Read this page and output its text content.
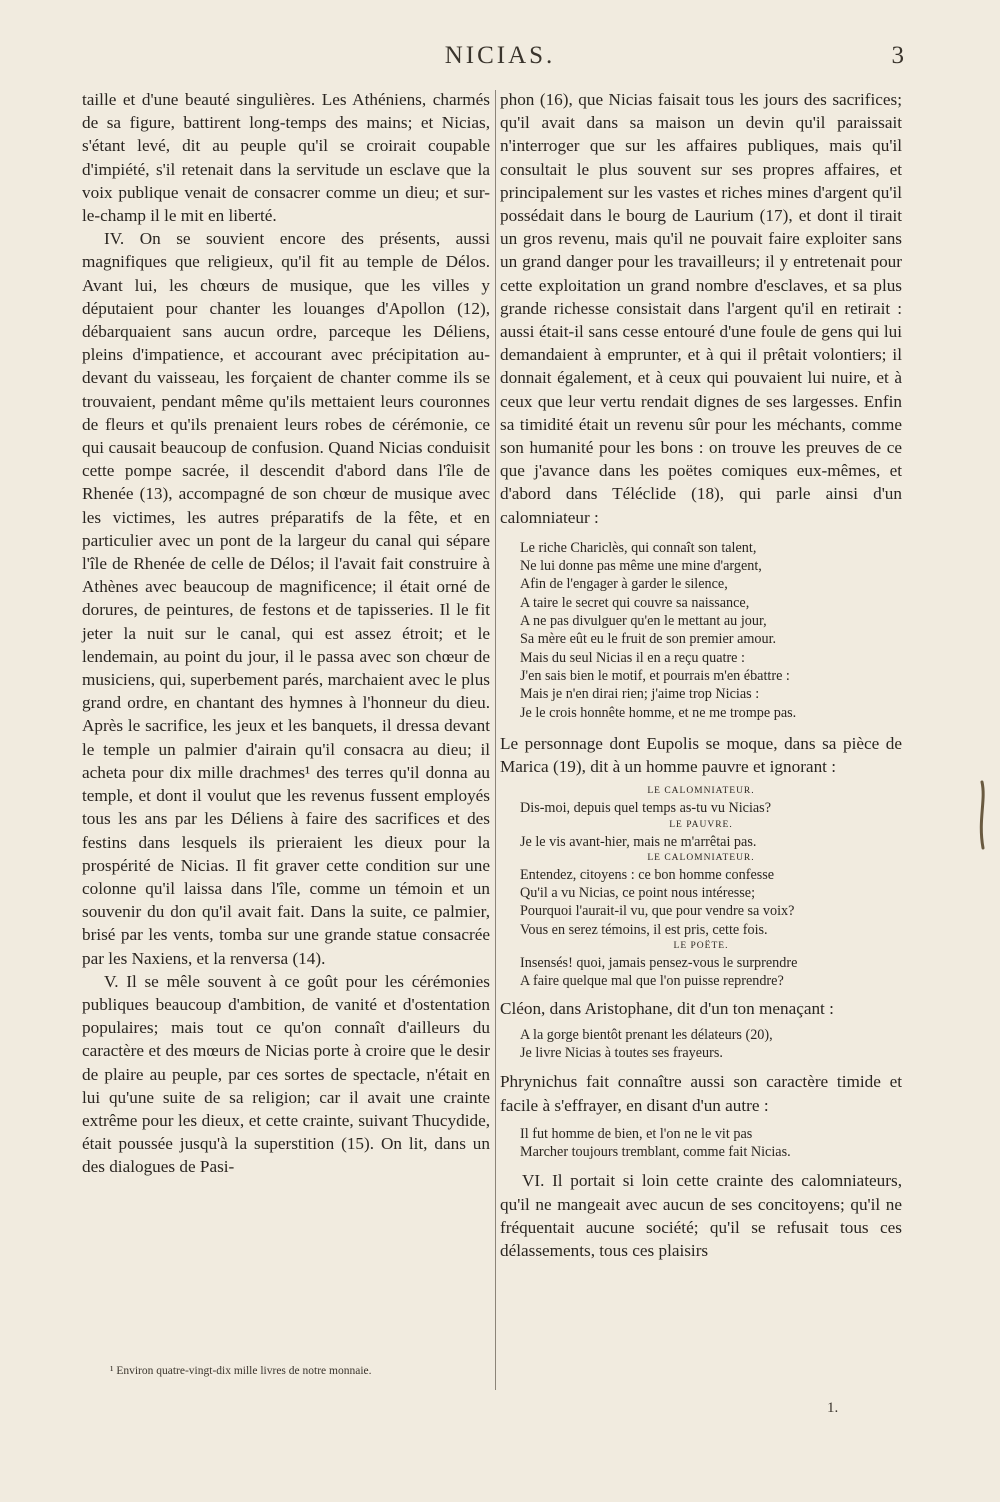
NICIAS.	3

taille et d'une beauté singulières. Les Athéniens, charmés de sa figure, battirent long-temps des mains; et Nicias, s'étant levé, dit au peuple qu'il se croirait coupable d'impiété, s'il retenait dans la servitude un esclave que la voix publique venait de consacrer comme un dieu; et sur-le-champ il le mit en liberté.

IV. On se souvient encore des présents, aussi magnifiques que religieux, qu'il fit au temple de Délos. Avant lui, les chœurs de musique, que les villes y députaient pour chanter les louanges d'Apollon (12), débarquaient sans aucun ordre, parceque les Déliens, pleins d'impatience, et accourant avec précipitation au-devant du vaisseau, les forçaient de chanter comme ils se trouvaient, pendant même qu'ils mettaient leurs couronnes de fleurs et qu'ils prenaient leurs robes de cérémonie, ce qui causait beaucoup de confusion. Quand Nicias conduisit cette pompe sacrée, il descendit d'abord dans l'île de Rhenée (13), accompagné de son chœur de musique avec les victimes, les autres préparatifs de la fête, et en particulier avec un pont de la largeur du canal qui sépare l'île de Rhenée de celle de Délos; il l'avait fait construire à Athènes avec beaucoup de magnificence; il était orné de dorures, de peintures, de festons et de tapisseries. Il le fit jeter la nuit sur le canal, qui est assez étroit; et le lendemain, au point du jour, il le passa avec son chœur de musiciens, qui, superbement parés, marchaient avec le plus grand ordre, en chantant des hymnes à l'honneur du dieu. Après le sacrifice, les jeux et les banquets, il dressa devant le temple un palmier d'airain qu'il consacra au dieu; il acheta pour dix mille drachmes¹ des terres qu'il donna au temple, et dont il voulut que les revenus fussent employés tous les ans par les Déliens à faire des sacrifices et des festins dans lesquels ils prieraient les dieux pour la prospérité de Nicias. Il fit graver cette condition sur une colonne qu'il laissa dans l'île, comme un témoin et un souvenir du don qu'il avait fait. Dans la suite, ce palmier, brisé par les vents, tomba sur une grande statue consacrée par les Naxiens, et la renversa (14).

V. Il se mêle souvent à ce goût pour les cérémonies publiques beaucoup d'ambition, de vanité et d'ostentation populaires; mais tout ce qu'on connaît d'ailleurs du caractère et des mœurs de Nicias porte à croire que le desir de plaire au peuple, par ces sortes de spectacle, n'était en lui qu'une suite de sa religion; car il avait une crainte extrême pour les dieux, et cette crainte, suivant Thucydide, était poussée jusqu'à la superstition (15). On lit, dans un des dialogues de Pasi-

phon (16), que Nicias faisait tous les jours des sacrifices; qu'il avait dans sa maison un devin qu'il paraissait n'interroger que sur les affaires publiques, mais qu'il consultait le plus souvent sur ses propres affaires, et principalement sur les vastes et riches mines d'argent qu'il possédait dans le bourg de Laurium (17), et dont il tirait un gros revenu, mais qu'il ne pouvait faire exploiter sans un grand danger pour les travailleurs; il y entretenait pour cette exploitation un grand nombre d'esclaves, et sa plus grande richesse consistait dans l'argent qu'il en retirait : aussi était-il sans cesse entouré d'une foule de gens qui lui demandaient à emprunter, et à qui il prêtait volontiers; il donnait également, et à ceux qui pouvaient lui nuire, et à ceux que leur vertu rendait dignes de ses largesses. Enfin sa timidité était un revenu sûr pour les méchants, comme son humanité pour les bons : on trouve les preuves de ce que j'avance dans les poëtes comiques eux-mêmes, et d'abord dans Téléclide (18), qui parle ainsi d'un calomniateur :

Le riche Chariclès, qui connaît son talent,
Ne lui donne pas même une mine d'argent,
Afin de l'engager à garder le silence,
A taire le secret qui couvre sa naissance,
A ne pas divulguer qu'en le mettant au jour,
Sa mère eût eu le fruit de son premier amour.
Mais du seul Nicias il en a reçu quatre :
J'en sais bien le motif, et pourrais m'en ébattre :
Mais je n'en dirai rien; j'aime trop Nicias :
Je le crois honnête homme, et ne me trompe pas.

Le personnage dont Eupolis se moque, dans sa pièce de Marica (19), dit à un homme pauvre et ignorant :

LE CALOMNIATEUR.
Dis-moi, depuis quel temps as-tu vu Nicias?
LE PAUVRE.
Je le vis avant-hier, mais ne m'arrêtai pas.
LE CALOMNIATEUR.
Entendez, citoyens : ce bon homme confesse
Qu'il a vu Nicias, ce point nous intéresse;
Pourquoi l'aurait-il vu, que pour vendre sa voix?
Vous en serez témoins, il est pris, cette fois.
LE POËTE.
Insensés! quoi, jamais pensez-vous le surprendre
A faire quelque mal que l'on puisse reprendre?

Cléon, dans Aristophane, dit d'un ton menaçant :

A la gorge bientôt prenant les délateurs (20),
Je livre Nicias à toutes ses frayeurs.

Phrynichus fait connaître aussi son caractère timide et facile à s'effrayer, en disant d'un autre :

Il fut homme de bien, et l'on ne le vit pas
Marcher toujours tremblant, comme fait Nicias.

VI. Il portait si loin cette crainte des calomniateurs, qu'il ne mangeait avec aucun de ses concitoyens; qu'il ne fréquentait aucune société; qu'il se refusait tous ces délassements, tous ces plaisirs

¹ Environ quatre-vingt-dix mille livres de notre monnaie.
1.
